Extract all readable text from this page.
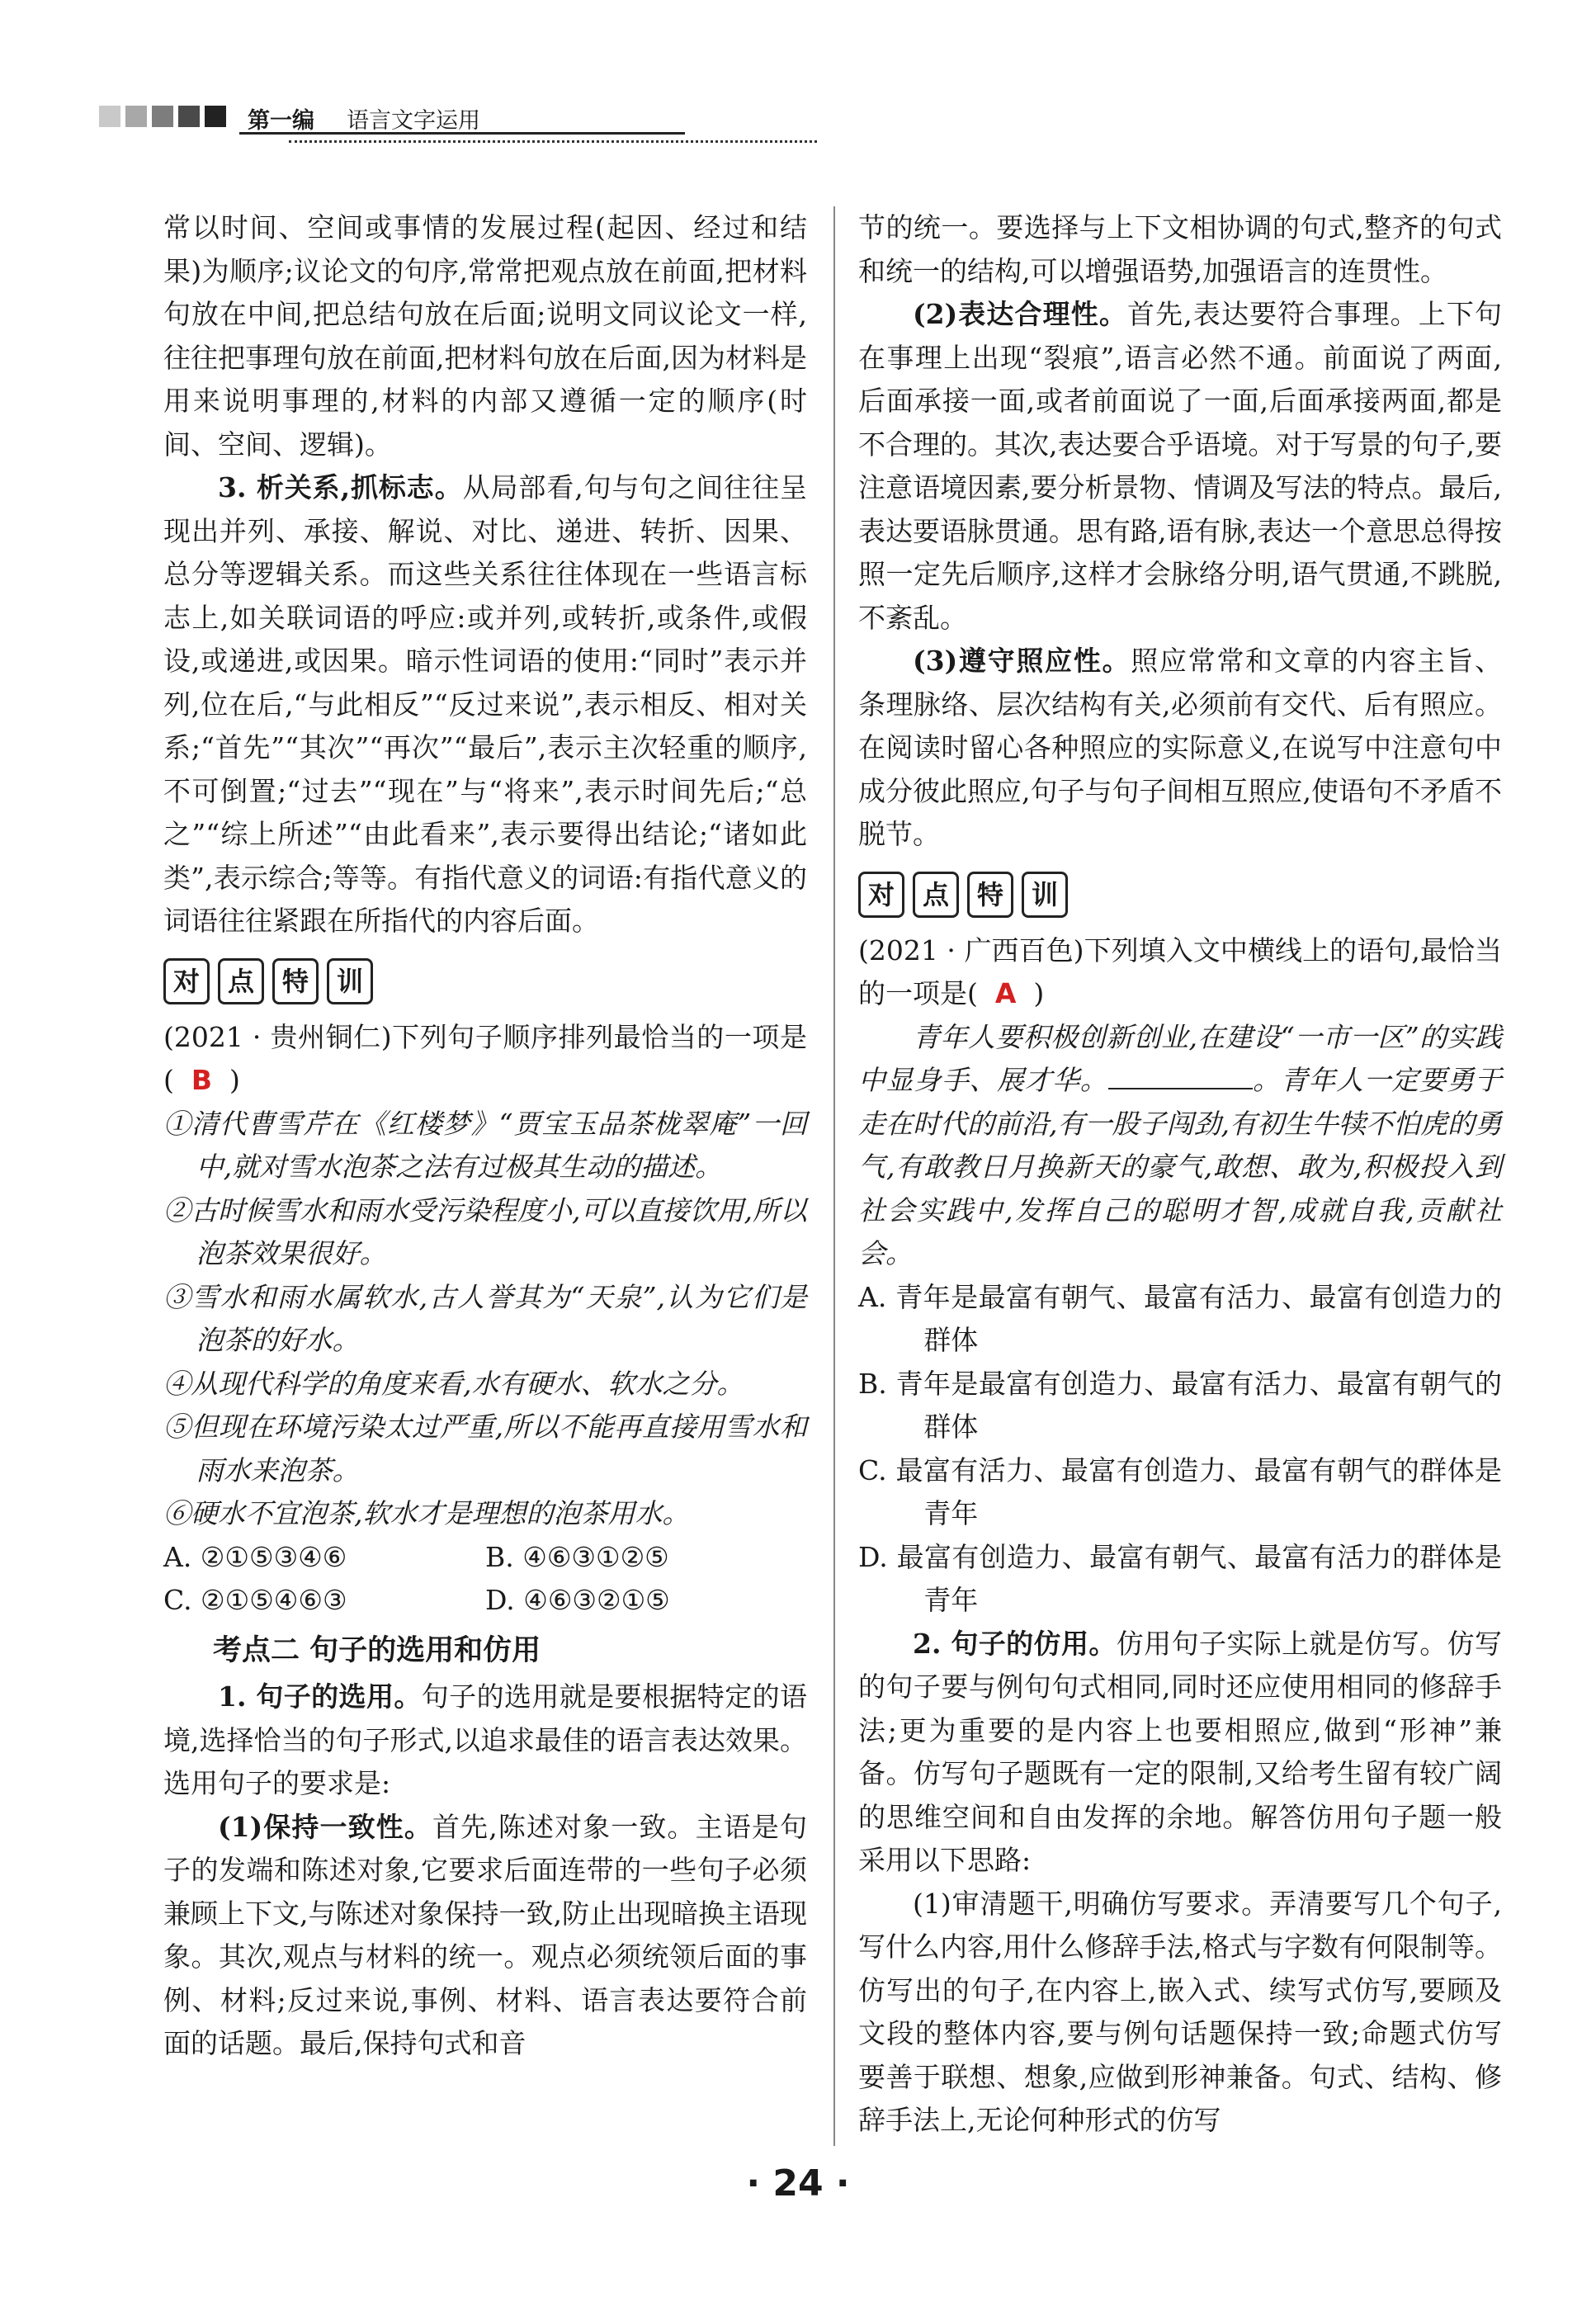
第一编 语言文字运用

常以时间、空间或事情的发展过程(起因、经过和结果)为顺序;议论文的句序,常常把观点放在前面,把材料句放在中间,把总结句放在后面;说明文同议论文一样,往往把事理句放在前面,把材料句放在后面,因为材料是用来说明事理的,材料的内部又遵循一定的顺序(时间、空间、逻辑)。

3. 析关系,抓标志。从局部看,句与句之间往往呈现出并列、承接、解说、对比、递进、转折、因果、总分等逻辑关系。而这些关系往往体现在一些语言标志上,如关联词语的呼应:或并列,或转折,或条件,或假设,或递进,或因果。暗示性词语的使用:“同时”表示并列,位在后,“与此相反”“反过来说”,表示相反、相对关系;“首先”“其次”“再次”“最后”,表示主次轻重的顺序,不可倒置;“过去”“现在”与“将来”,表示时间先后;“总之”“综上所述”“由此看来”,表示要得出结论;“诸如此类”,表示综合;等等。有指代意义的词语:有指代意义的词语往往紧跟在所指代的内容后面。

对	点	特	训

(2021 · 贵州铜仁)下列句子顺序排列最恰当的一项是( B )

①清代曹雪芹在《红楼梦》“贾宝玉品茶栊翠庵”一回中,就对雪水泡茶之法有过极其生动的描述。

②古时候雪水和雨水受污染程度小,可以直接饮用,所以泡茶效果很好。

③雪水和雨水属软水,古人誉其为“天泉”,认为它们是泡茶的好水。

④从现代科学的角度来看,水有硬水、软水之分。

⑤但现在环境污染太过严重,所以不能再直接用雪水和雨水来泡茶。

⑥硬水不宜泡茶,软水才是理想的泡茶用水。

A. ②①⑤③④⑥	B. ④⑥③①②⑤
C. ②①⑤④⑥③	D. ④⑥③②①⑤

考点二 句子的选用和仿用

1. 句子的选用。句子的选用就是要根据特定的语境,选择恰当的句子形式,以追求最佳的语言表达效果。选用句子的要求是:

(1)保持一致性。首先,陈述对象一致。主语是句子的发端和陈述对象,它要求后面连带的一些句子必须兼顾上下文,与陈述对象保持一致,防止出现暗换主语现象。其次,观点与材料的统一。观点必须统领后面的事例、材料;反过来说,事例、材料、语言表达要符合前面的话题。最后,保持句式和音

节的统一。要选择与上下文相协调的句式,整齐的句式和统一的结构,可以增强语势,加强语言的连贯性。

(2)表达合理性。首先,表达要符合事理。上下句在事理上出现“裂痕”,语言必然不通。前面说了两面,后面承接一面,或者前面说了一面,后面承接两面,都是不合理的。其次,表达要合乎语境。对于写景的句子,要注意语境因素,要分析景物、情调及写法的特点。最后,表达要语脉贯通。思有路,语有脉,表达一个意思总得按照一定先后顺序,这样才会脉络分明,语气贯通,不跳脱,不紊乱。

(3)遵守照应性。照应常常和文章的内容主旨、条理脉络、层次结构有关,必须前有交代、后有照应。在阅读时留心各种照应的实际意义,在说写中注意句中成分彼此照应,句子与句子间相互照应,使语句不矛盾不脱节。

对	点	特	训

(2021 · 广西百色)下列填入文中横线上的语句,最恰当的一项是( A )

青年人要积极创新创业,在建设“一市一区”的实践中显身手、展才华。	。青年人一定要勇于走在时代的前沿,有一股子闯劲,有初生牛犊不怕虎的勇气,有敢教日月换新天的豪气,敢想、敢为,积极投入到社会实践中,发挥自己的聪明才智,成就自我,贡献社会。

A. 青年是最富有朝气、最富有活力、最富有创造力的群体

B. 青年是最富有创造力、最富有活力、最富有朝气的群体

C. 最富有活力、最富有创造力、最富有朝气的群体是青年

D. 最富有创造力、最富有朝气、最富有活力的群体是青年

2. 句子的仿用。仿用句子实际上就是仿写。仿写的句子要与例句句式相同,同时还应使用相同的修辞手法;更为重要的是内容上也要相照应,做到“形神”兼备。仿写句子题既有一定的限制,又给考生留有较广阔的思维空间和自由发挥的余地。解答仿用句子题一般采用以下思路:

(1)审清题干,明确仿写要求。弄清要写几个句子,写什么内容,用什么修辞手法,格式与字数有何限制等。仿写出的句子,在内容上,嵌入式、续写式仿写,要顾及文段的整体内容,要与例句话题保持一致;命题式仿写要善于联想、想象,应做到形神兼备。句式、结构、修辞手法上,无论何种形式的仿写

· 24 ·
